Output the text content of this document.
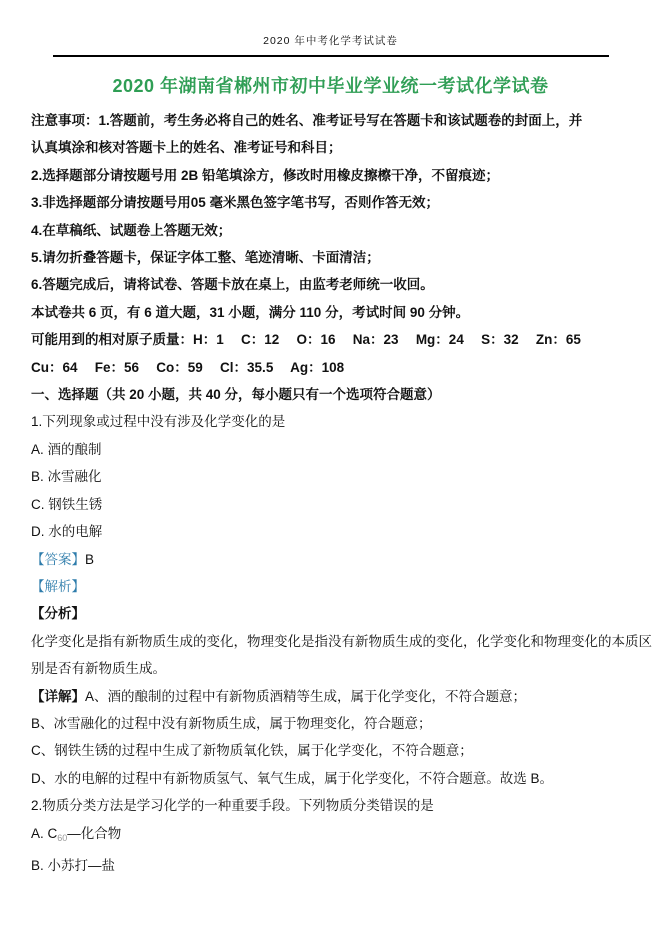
2020 年中考化学考试试卷
2020 年湖南省郴州市初中毕业学业统一考试化学试卷
注意事项：1.答题前，考生务必将自己的姓名、准考证号写在答题卡和该试题卷的封面上，并
认真填涂和核对答题卡上的姓名、准考证号和科目；
2.选择题部分请按题号用 2B 铅笔填涂方，修改时用橡皮擦檫干净，不留痕迹；
3.非选择题部分请按题号用05 毫米黑色签字笔书写，否则作答无效；
4.在草稿纸、试题卷上答题无效；
5.请勿折叠答题卡，保证字体工整、笔迹清晰、卡面清洁；
6.答题完成后，请将试卷、答题卡放在桌上，由监考老师统一收回。
本试卷共 6 页，有 6 道大题，31 小题，满分 110 分，考试时间 90 分钟。
可能用到的相对原子质量：H：1　 C：12　 O：16　 Na：23　 Mg：24　 S：32　 Zn：65
Cu：64　 Fe：56　 Co：59　 Cl：35.5　 Ag：108
一、选择题（共 20 小题，共 40 分，每小题只有一个选项符合题意）
1.下列现象或过程中没有涉及化学变化的是
A. 酒的酿制
B. 冰雪融化
C. 钢铁生锈
D. 水的电解
【答案】B
【解析】
【分析】
化学变化是指有新物质生成的变化，物理变化是指没有新物质生成的变化，化学变化和物理变化的本质区
别是否有新物质生成。
【详解】A、酒的酿制的过程中有新物质酒精等生成，属于化学变化，不符合题意；
B、冰雪融化的过程中没有新物质生成，属于物理变化，符合题意；
C、钢铁生锈的过程中生成了新物质氧化铁，属于化学变化，不符合题意；
D、水的电解的过程中有新物质氢气、氧气生成，属于化学变化，不符合题意。故选 B。
2.物质分类方法是学习化学的一种重要手段。下列物质分类错误的是
A. $C_{60}—$化合物
B. 小苏打—盐
